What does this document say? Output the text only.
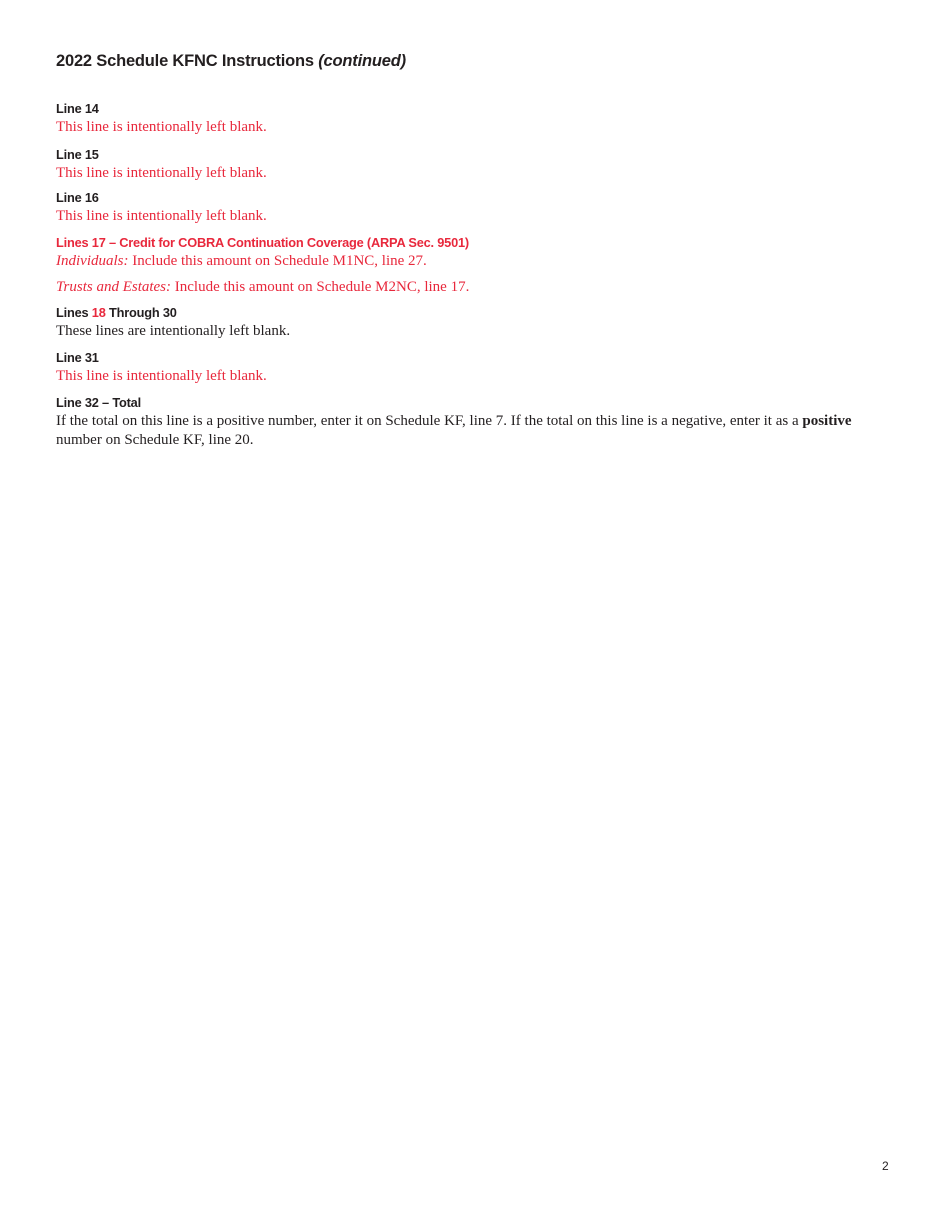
2022 Schedule KFNC Instructions (continued)
Line 14
This line is intentionally left blank.
Line 15
This line is intentionally left blank.
Line 16
This line is intentionally left blank.
Lines 17 – Credit for COBRA Continuation Coverage (ARPA Sec. 9501)
Individuals: Include this amount on Schedule M1NC, line 27.
Trusts and Estates: Include this amount on Schedule M2NC, line 17.
Lines 18 Through 30
These lines are intentionally left blank.
Line 31
This line is intentionally left blank.
Line 32 – Total
If the total on this line is a positive number, enter it on Schedule KF, line 7. If the total on this line is a negative, enter it as a positive number on Schedule KF, line 20.
2
